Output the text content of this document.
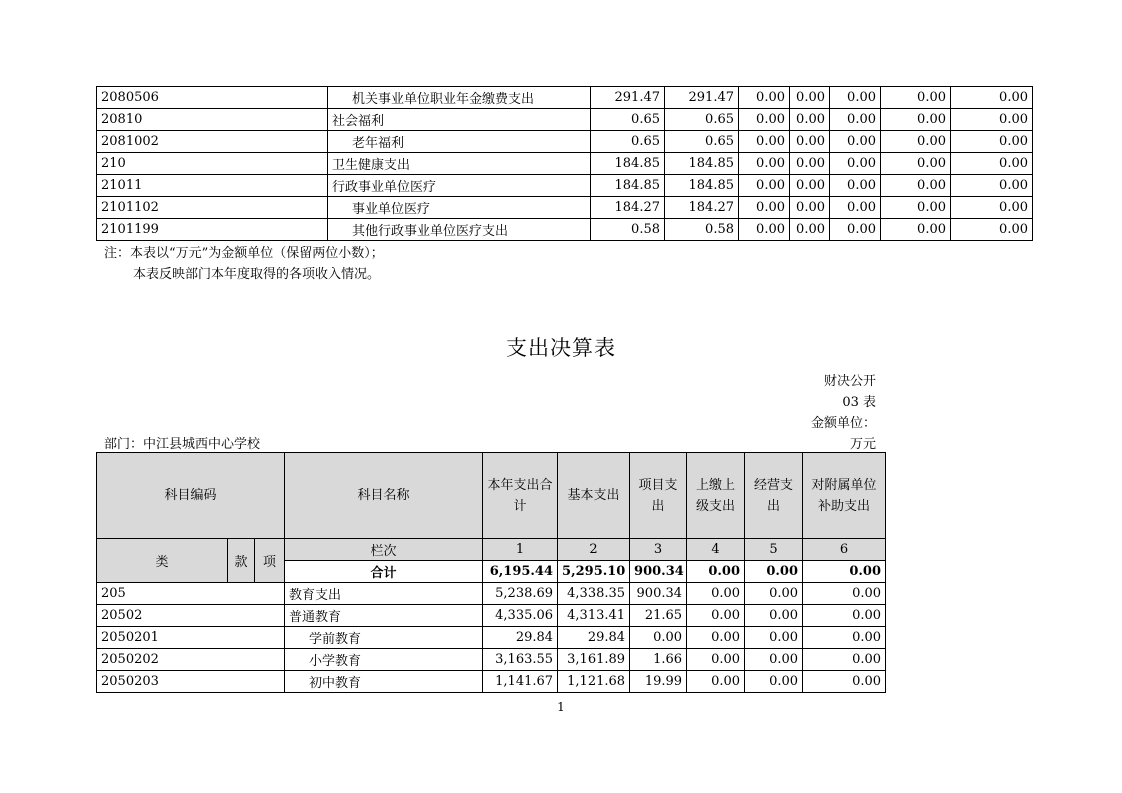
2080506	机关事业单位职业年金缴费支出	291.47	291.47	0.00	0.00	0.00	0.00	0.00
20810	社会福利	0.65	0.65	0.00	0.00	0.00	0.00	0.00
2081002	老年福利	0.65	0.65	0.00	0.00	0.00	0.00	0.00
210	卫生健康支出	184.85	184.85	0.00	0.00	0.00	0.00	0.00
21011	行政事业单位医疗	184.85	184.85	0.00	0.00	0.00	0.00	0.00
2101102	事业单位医疗	184.27	184.27	0.00	0.00	0.00	0.00	0.00
2101199	其他行政事业单位医疗支出	0.58	0.58	0.00	0.00	0.00	0.00	0.00
注：本表以“万元”为金额单位（保留两位小数）；
本表反映部门本年度取得的各项收入情况。
支出决算表
财决公开
03 表
金额单位：
部门：中江县城西中心学校	万元
科目编码			科目名称	本年支出合计	基本支出	项目支出	上缴上级支出	经营支出	对附属单位补助支出
类	款	项	栏次	1	2	3	4	5	6
			合计	6,195.44	5,295.10	900.34	0.00	0.00	0.00
205			教育支出	5,238.69	4,338.35	900.34	0.00	0.00	0.00
20502			普通教育	4,335.06	4,313.41	21.65	0.00	0.00	0.00
2050201			学前教育	29.84	29.84	0.00	0.00	0.00	0.00
2050202			小学教育	3,163.55	3,161.89	1.66	0.00	0.00	0.00
2050203			初中教育	1,141.67	1,121.68	19.99	0.00	0.00	0.00
1
